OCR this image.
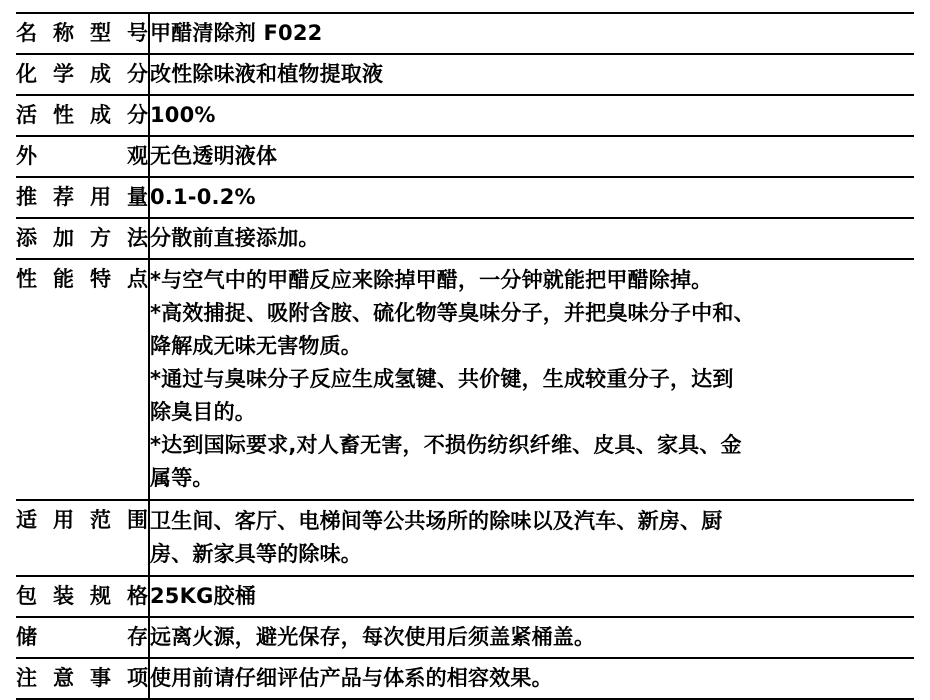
名称型号	甲醋清除剂 F022

化学成分	改性除味液和植物提取液

活性成分	100%

外 观	无色透明液体

推荐用量	0.1-0.2%

添加方法	分散前直接添加。

性能特点	*与空气中的甲醋反应来除掉甲醋，一分钟就能把甲醋除掉。

*高效捕捉、吸附含胺、硫化物等臭味分子，并把臭味分子中和、

降解成无味无害物质。

*通过与臭味分子反应生成氢键、共价键，生成较重分子，达到

除臭目的。

*达到国际要求,对人畜无害，不损伤纺织纤维、皮具、家具、金

属等。

适用范围	卫生间、客厅、电梯间等公共场所的除味以及汽车、新房、厨

房、新家具等的除味。

包装规格	25KG胶桶

储 存	远离火源，避光保存，每次使用后须盖紧桶盖。

注意事项	使用前请仔细评估产品与体系的相容效果。
